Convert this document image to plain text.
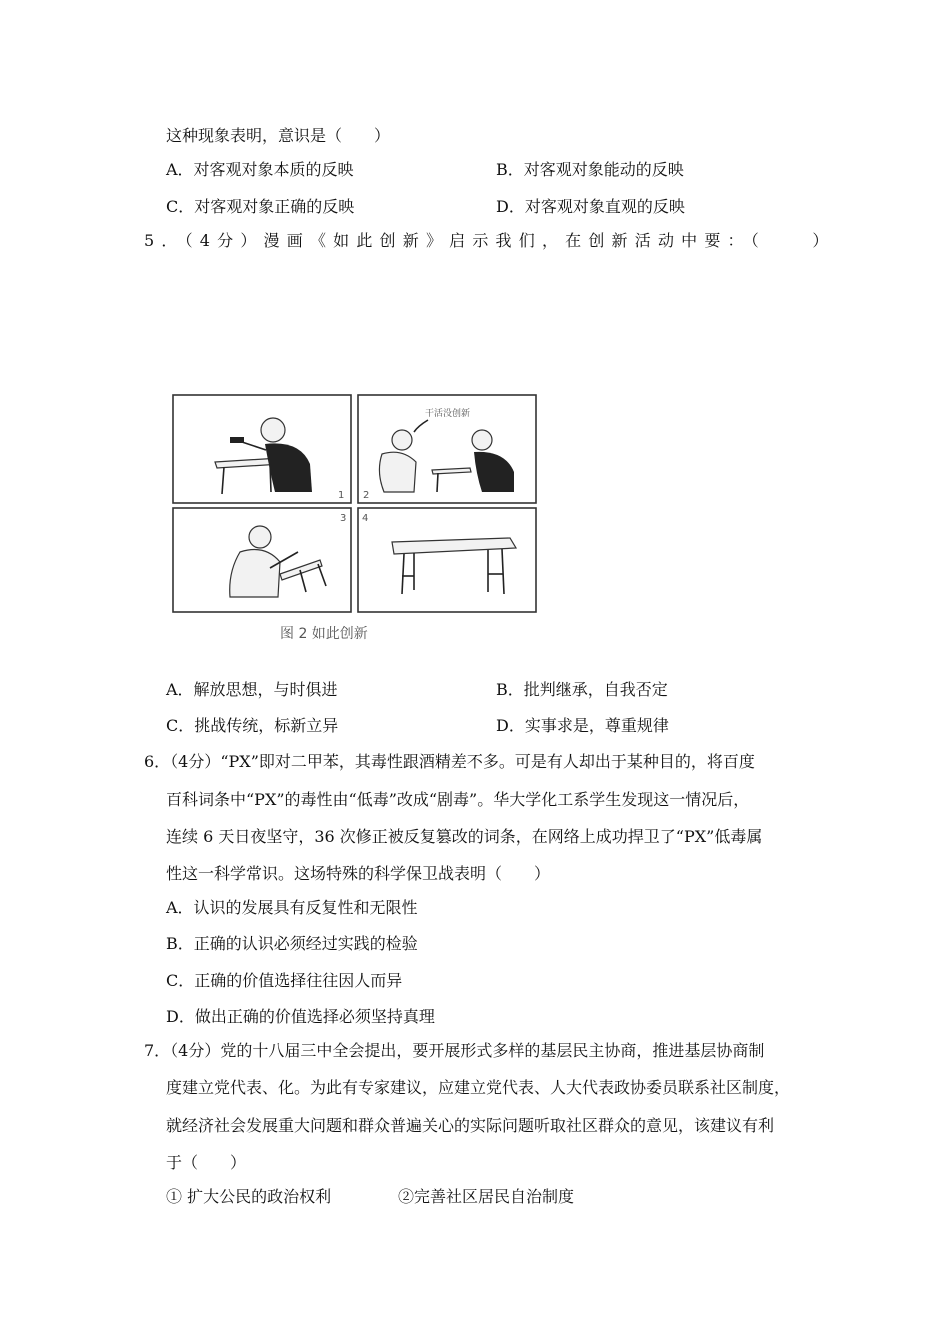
这种现象表明，意识是（　　）
A．对客观对象本质的反映	B．对客观对象能动的反映
C．对客观对象正确的反映	D．对客观对象直观的反映
5．（4分）漫画《如此创新》启示我们，在创新活动中要：（　　）
1
干活没创新
2
3 4
图 2 如此创新
A．解放思想，与时俱进	B．批判继承，自我否定
C．挑战传统，标新立异	D．实事求是，尊重规律
6．（4分）“PX”即对二甲苯，其毒性跟酒精差不多。可是有人却出于某种目的，将百度
百科词条中“PX”的毒性由“低毒”改成“剧毒”。华大学化工系学生发现这一情况后，
连续 6 天日夜坚守，36 次修正被反复篡改的词条，在网络上成功捍卫了“PX”低毒属
性这一科学常识。这场特殊的科学保卫战表明（　　）
A．认识的发展具有反复性和无限性
B．正确的认识必须经过实践的检验
C．正确的价值选择往往因人而异
D．做出正确的价值选择必须坚持真理
7．（4分）党的十八届三中全会提出，要开展形式多样的基层民主协商，推进基层协商制
度建立党代表、化。为此有专家建议，应建立党代表、人大代表政协委员联系社区制度，
就经济社会发展重大问题和群众普遍关心的实际问题听取社区群众的意见，该建议有利
于（　　）
① 扩大公民的政治权利	②完善社区居民自治制度
